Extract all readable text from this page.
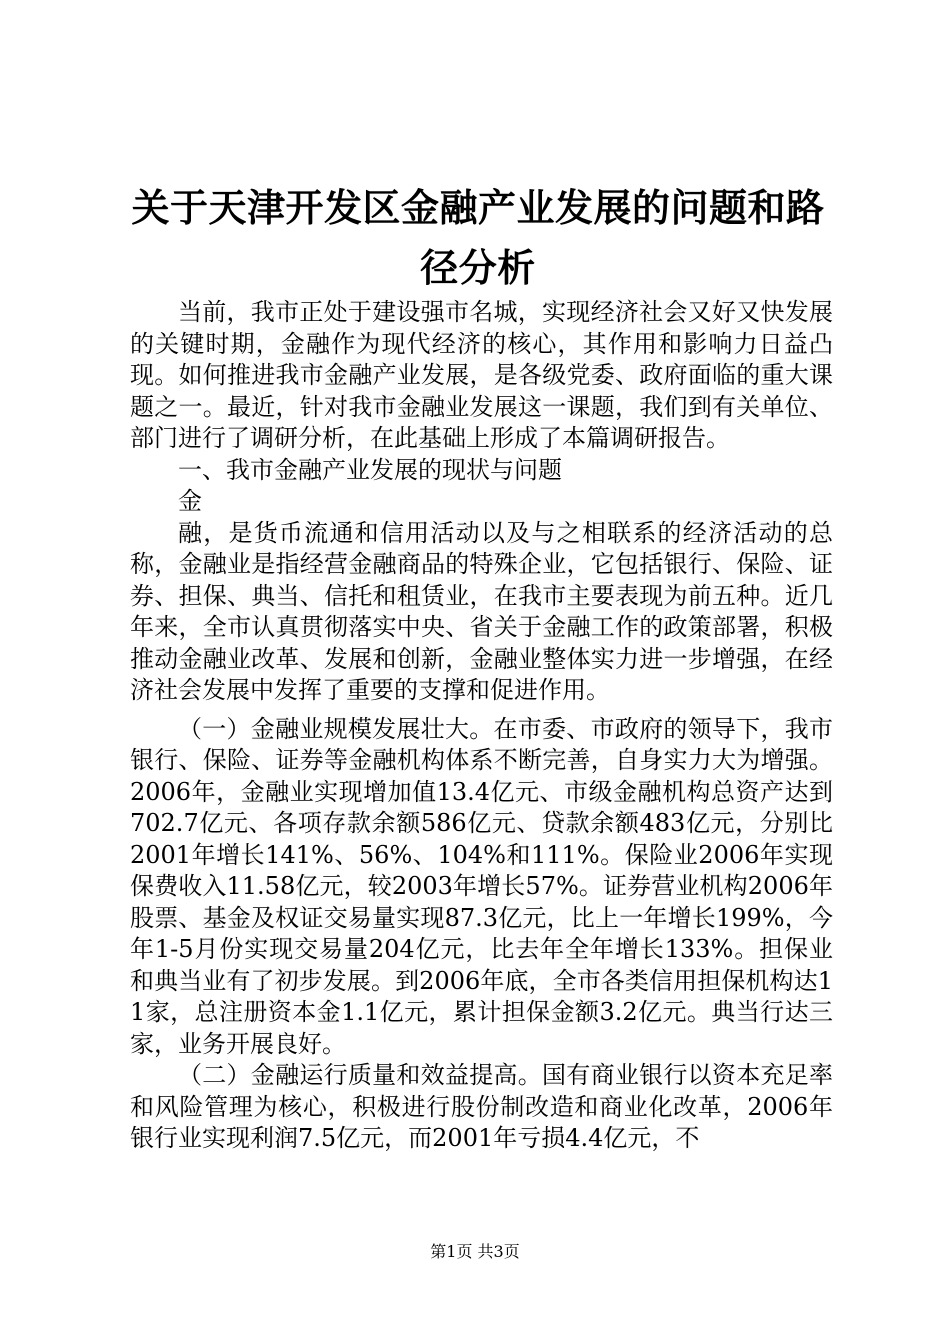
关于天津开发区金融产业发展的问题和路径分析

当前，我市正处于建设强市名城，实现经济社会又好又快发展的关键时期，金融作为现代经济的核心，其作用和影响力日益凸现。如何推进我市金融产业发展，是各级党委、政府面临的重大课题之一。最近，针对我市金融业发展这一课题，我们到有关单位、部门进行了调研分析，在此基础上形成了本篇调研报告。

一、我市金融产业发展的现状与问题

金

融，是货币流通和信用活动以及与之相联系的经济活动的总称，金融业是指经营金融商品的特殊企业，它包括银行、保险、证券、担保、典当、信托和租赁业，在我市主要表现为前五种。近几年来，全市认真贯彻落实中央、省关于金融工作的政策部署，积极推动金融业改革、发展和创新，金融业整体实力进一步增强，在经济社会发展中发挥了重要的支撑和促进作用。

（一）金融业规模发展壮大。在市委、市政府的领导下，我市银行、保险、证券等金融机构体系不断完善，自身实力大为增强。2006年，金融业实现增加值13.4亿元、市级金融机构总资产达到702.7亿元、各项存款余额586亿元、贷款余额483亿元，分别比2001年增长141%、56%、104%和111%。保险业2006年实现保费收入11.58亿元，较2003年增长57%。证券营业机构2006年股票、基金及权证交易量实现87.3亿元，比上一年增长199%，今年1-5月份实现交易量204亿元，比去年全年增长133%。担保业和典当业有了初步发展。到2006年底，全市各类信用担保机构达11家，总注册资本金1.1亿元，累计担保金额3.2亿元。典当行达三家，业务开展良好。

（二）金融运行质量和效益提高。国有商业银行以资本充足率和风险管理为核心，积极进行股份制改造和商业化改革，2006年银行业实现利润7.5亿元，而2001年亏损4.4亿元，不

第1页 共3页
